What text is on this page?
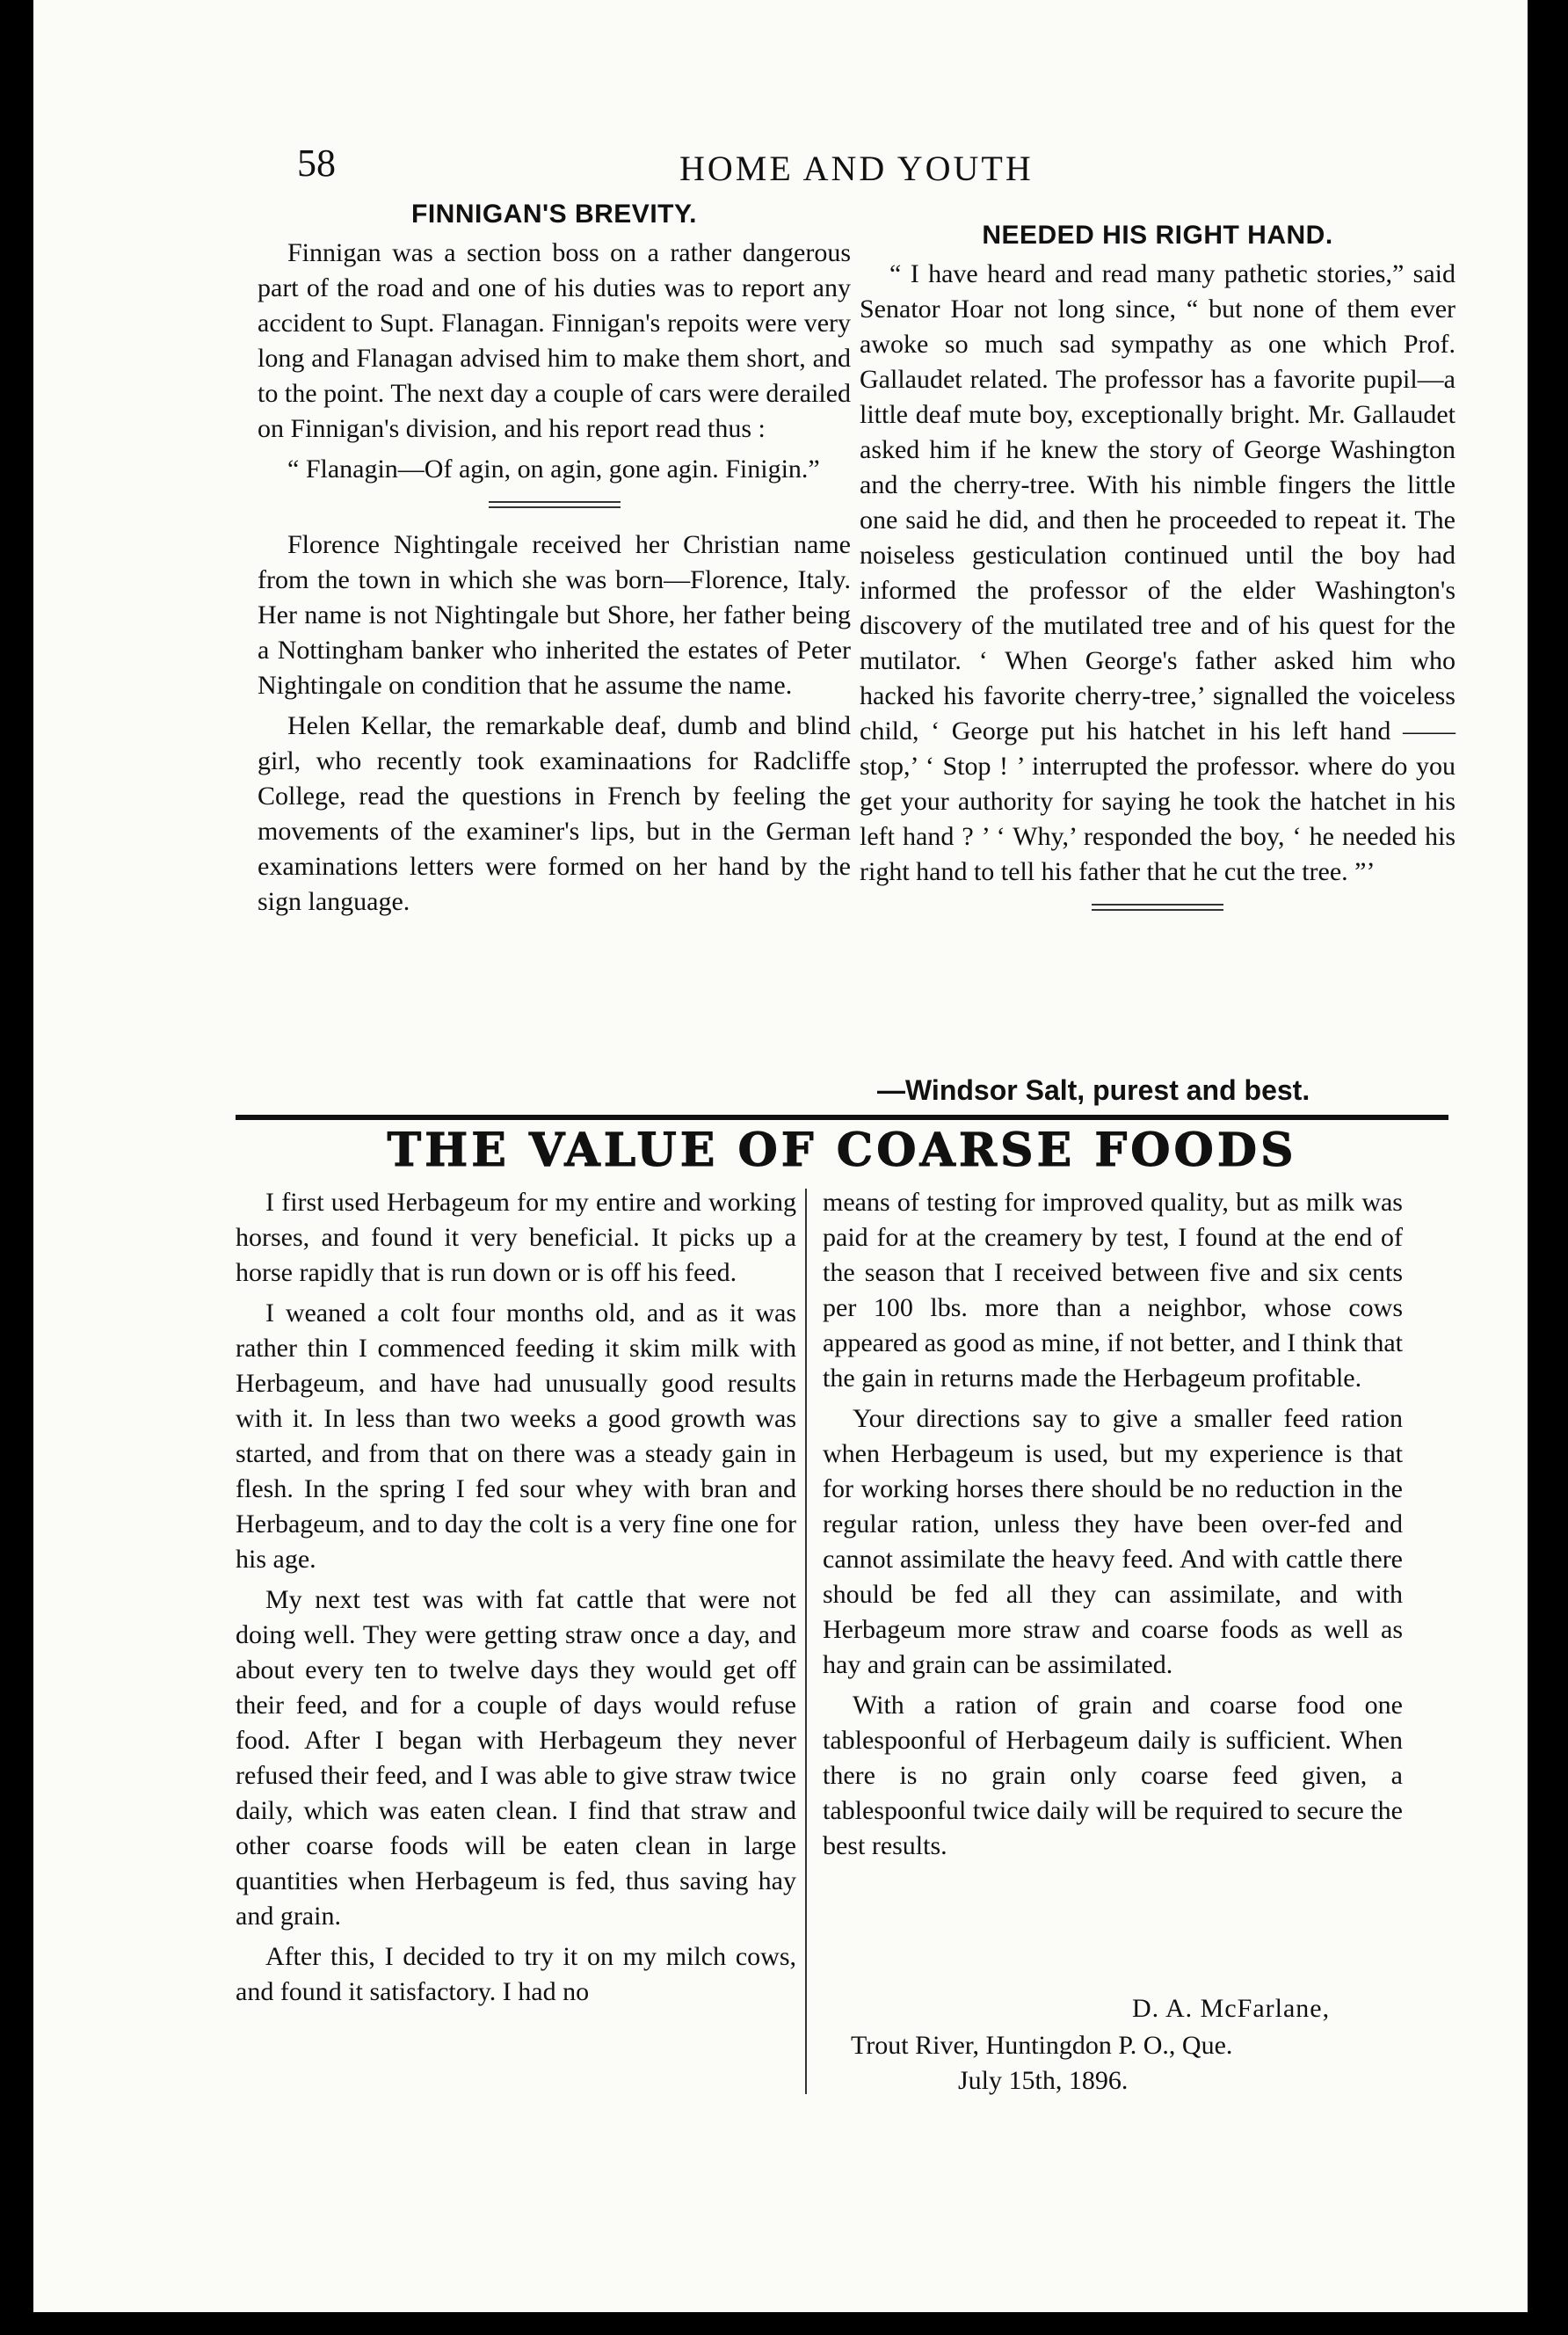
58	HOME AND YOUTH
FINNIGAN'S BREVITY.

Finnigan was a section boss on a rather dangerous part of the road and one of his duties was to report any accident to Supt. Flanagan. Finnigan's repoits were very long and Flanagan advised him to make them short, and to the point. The next day a couple of cars were derailed on Finnigan's division, and his report read thus :

“ Flanagin—Of agin, on agin, gone agin. Finigin.”

Florence Nightingale received her Christian name from the town in which she was born—Florence, Italy. Her name is not Nightingale but Shore, her father being a Nottingham banker who inherited the estates of Peter Nightingale on condition that he assume the name.

Helen Kellar, the remarkable deaf, dumb and blind girl, who recently took examinaations for Radcliffe College, read the questions in French by feeling the movements of the examiner's lips, but in the German examinations letters were formed on her hand by the sign language.

NEEDED HIS RIGHT HAND.

“ I have heard and read many pathetic stories,” said Senator Hoar not long since, “ but none of them ever awoke so much sad sympathy as one which Prof. Gallaudet related. The professor has a favorite pupil—a little deaf mute boy, exceptionally bright. Mr. Gallaudet asked him if he knew the story of George Washington and the cherry-tree. With his nimble fingers the little one said he did, and then he proceeded to repeat it. The noiseless gesticulation continued until the boy had informed the professor of the elder Washington's discovery of the mutilated tree and of his quest for the mutilator. ‘ When George's father asked him who hacked his favorite cherry-tree,’ signalled the voiceless child, ‘ George put his hatchet in his left hand ——stop,’ ‘ Stop ! ’ interrupted the professor. where do you get your authority for saying he took the hatchet in his left hand ? ’ ‘ Why,’ responded the boy, ‘ he needed his right hand to tell his father that he cut the tree. ”’

—Windsor Salt, purest and best.
THE VALUE OF COARSE FOODS

I first used Herbageum for my entire and working horses, and found it very beneficial. It picks up a horse rapidly that is run down or is off his feed.

I weaned a colt four months old, and as it was rather thin I commenced feeding it skim milk with Herbageum, and have had unusually good results with it. In less than two weeks a good growth was started, and from that on there was a steady gain in flesh. In the spring I fed sour whey with bran and Herbageum, and to day the colt is a very fine one for his age.

My next test was with fat cattle that were not doing well. They were getting straw once a day, and about every ten to twelve days they would get off their feed, and for a couple of days would refuse food. After I began with Herbageum they never refused their feed, and I was able to give straw twice daily, which was eaten clean. I find that straw and other coarse foods will be eaten clean in large quantities when Herbageum is fed, thus saving hay and grain.

After this, I decided to try it on my milch cows, and found it satisfactory. I had no

means of testing for improved quality, but as milk was paid for at the creamery by test, I found at the end of the season that I received between five and six cents per 100 lbs. more than a neighbor, whose cows appeared as good as mine, if not better, and I think that the gain in returns made the Herbageum profitable.

Your directions say to give a smaller feed ration when Herbageum is used, but my experience is that for working horses there should be no reduction in the regular ration, unless they have been over-fed and cannot assimilate the heavy feed. And with cattle there should be fed all they can assimilate, and with Herbageum more straw and coarse foods as well as hay and grain can be assimilated.

With a ration of grain and coarse food one tablespoonful of Herbageum daily is sufficient. When there is no grain only coarse feed given, a tablespoonful twice daily will be required to secure the best results.

D. A. McFarlane,
Trout River, Huntingdon P. O., Que.
July 15th, 1896.
